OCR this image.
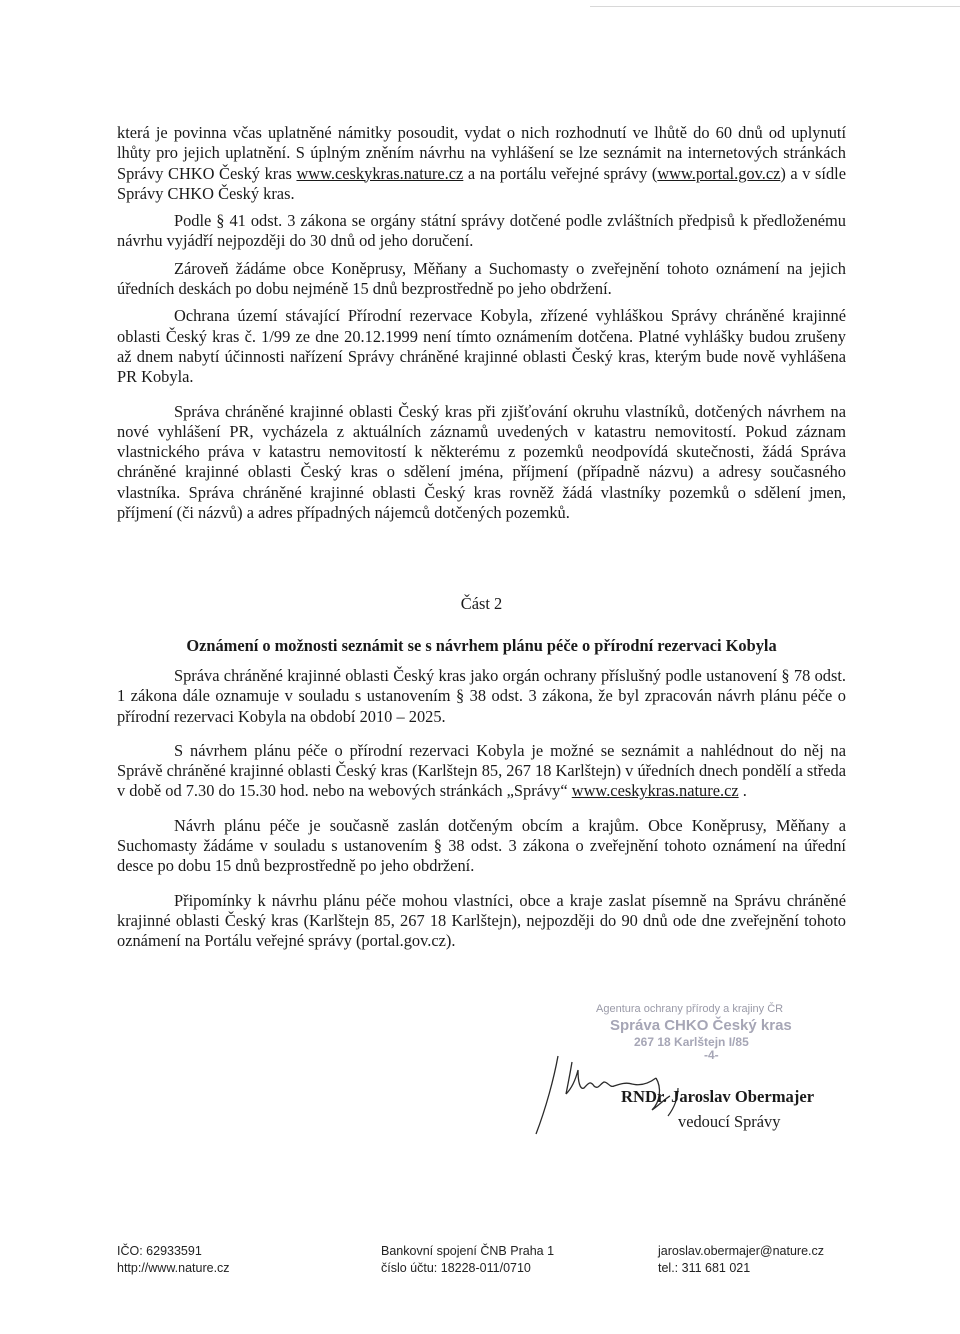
která je povinna včas uplatněné námitky posoudit, vydat o nich rozhodnutí ve lhůtě do 60 dnů od uplynutí lhůty pro jejich uplatnění. S úplným zněním návrhu na vyhlášení se lze seznámit na internetových stránkách Správy CHKO Český kras www.ceskykras.nature.cz a na portálu veřejné správy (www.portal.gov.cz) a v sídle Správy CHKO Český kras.

Podle § 41 odst. 3 zákona se orgány státní správy dotčené podle zvláštních předpisů k předloženému návrhu vyjádří nejpozději do 30 dnů od jeho doručení.

Zároveň žádáme obce Koněprusy, Měňany a Suchomasty o zveřejnění tohoto oznámení na jejich úředních deskách po dobu nejméně 15 dnů bezprostředně po jeho obdržení.

Ochrana území stávající Přírodní rezervace Kobyla, zřízené vyhláškou Správy chráněné krajinné oblasti Český kras č. 1/99 ze dne 20.12.1999 není tímto oznámením dotčena. Platné vyhlášky budou zrušeny až dnem nabytí účinnosti nařízení Správy chráněné krajinné oblasti Český kras, kterým bude nově vyhlášena PR Kobyla.

Správa chráněné krajinné oblasti Český kras při zjišťování okruhu vlastníků, dotčených návrhem na nové vyhlášení PR, vycházela z aktuálních záznamů uvedených v katastru nemovitostí. Pokud záznam vlastnického práva v katastru nemovitostí k některému z pozemků neodpovídá skutečnosti, žádá Správa chráněné krajinné oblasti Český kras o sdělení jména, příjmení (případně názvu) a adresy současného vlastníka. Správa chráněné krajinné oblasti Český kras rovněž žádá vlastníky pozemků o sdělení jmen, příjmení (či názvů) a adres případných nájemců dotčených pozemků.

Část 2
Oznámení o možnosti seznámit se s návrhem plánu péče o přírodní rezervaci Kobyla

Správa chráněné krajinné oblasti Český kras jako orgán ochrany příslušný podle ustanovení § 78 odst. 1 zákona dále oznamuje v souladu s ustanovením § 38 odst. 3 zákona, že byl zpracován návrh plánu péče o přírodní rezervaci Kobyla na období 2010 – 2025.

S návrhem plánu péče o přírodní rezervaci Kobyla je možné se seznámit a nahlédnout do něj na Správě chráněné krajinné oblasti Český kras (Karlštejn 85, 267 18 Karlštejn) v úředních dnech pondělí a středa v době od 7.30 do 15.30 hod. nebo na webových stránkách „Správy“ www.ceskykras.nature.cz .

Návrh plánu péče je současně zaslán dotčeným obcím a krajům. Obce Koněprusy, Měňany a Suchomasty žádáme v souladu s ustanovením § 38 odst. 3 zákona o zveřejnění tohoto oznámení na úřední desce po dobu 15 dnů bezprostředně po jeho obdržení.

Připomínky k návrhu plánu péče mohou vlastníci, obce a kraje zaslat písemně na Správu chráněné krajinné oblasti Český kras (Karlštejn 85, 267 18 Karlštejn), nejpozději do 90 dnů ode dne zveřejnění tohoto oznámení na Portálu veřejné správy (portal.gov.cz).

Agentura ochrany přírody a krajiny ČR
Správa CHKO Český kras
267 18 Karlštejn I/85
-4-
RNDr. Jaroslav Obermajer
vedoucí Správy
IČO: 62933591
http://www.nature.cz
Bankovní spojení ČNB Praha 1
číslo účtu: 18228-011/0710
jaroslav.obermajer@nature.cz
tel.: 311 681 021
